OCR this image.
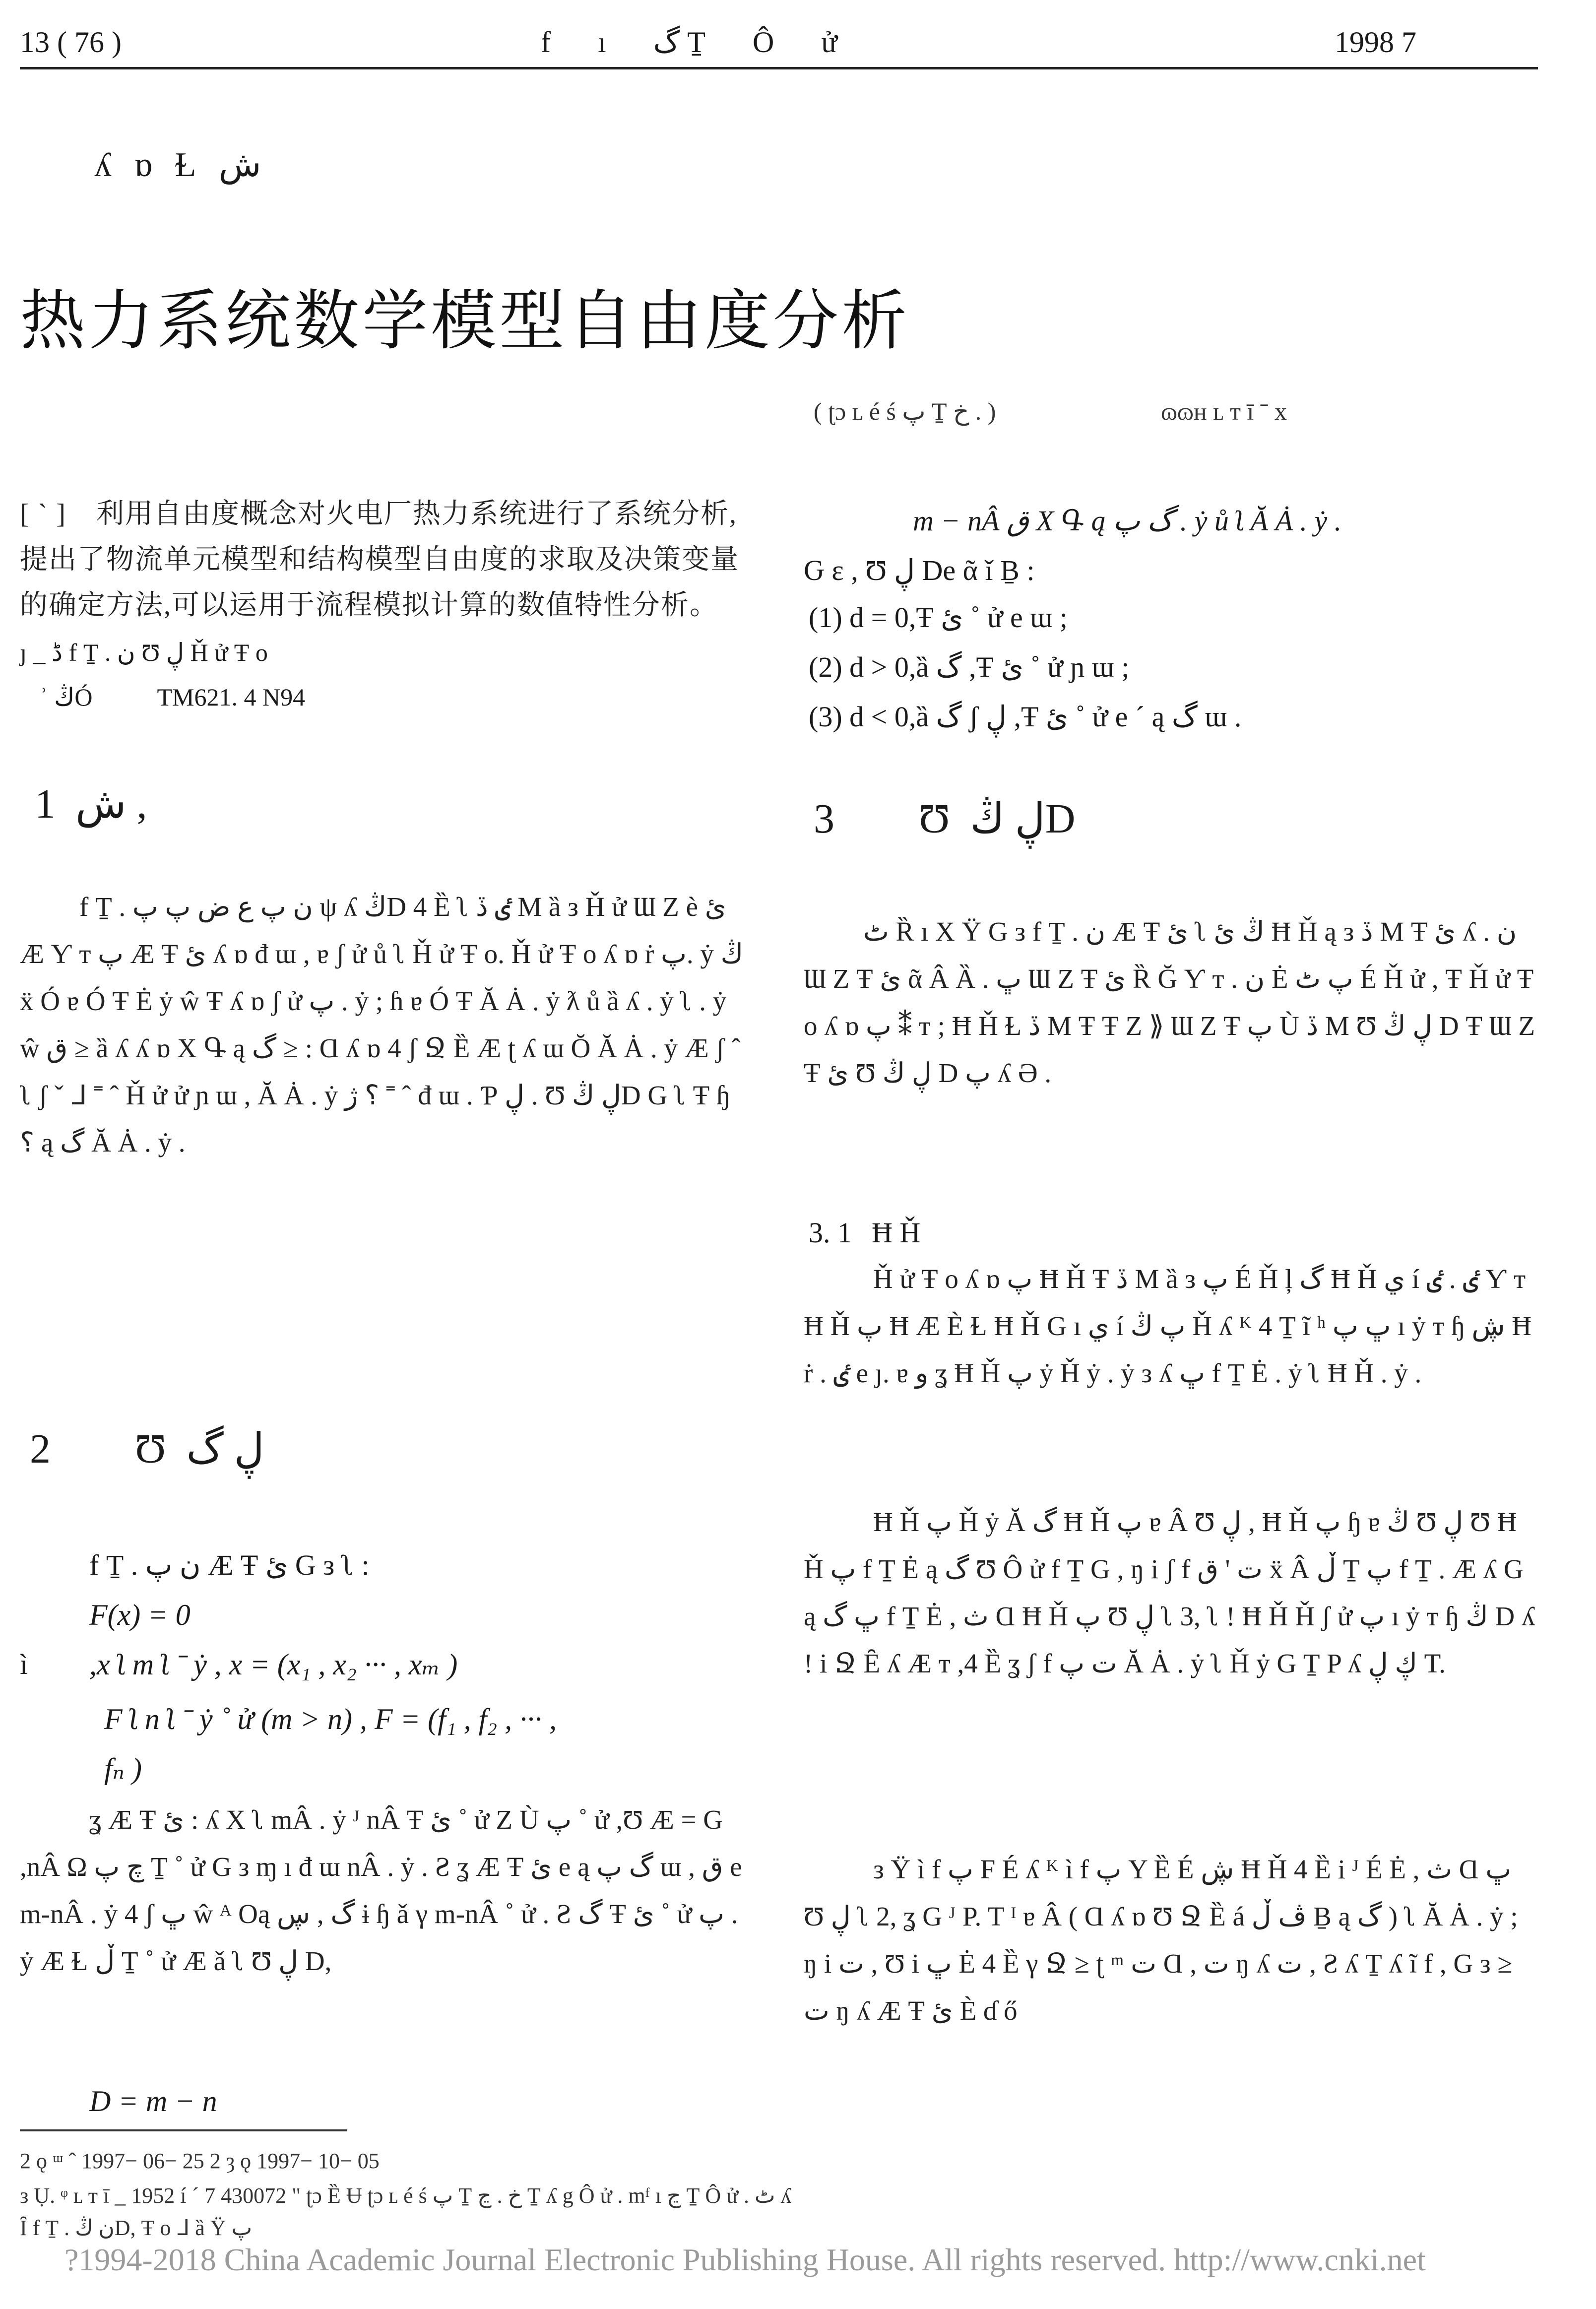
13 ( 76 )	f ı گ Ṯ Ô ử	1998 7
ʎ ɒ Ɫ ش
热力系统数学模型自由度分析
( ʈɔ ʟ é ś پ Ṯ خ . )	ɷɷʜ ʟ ᴛ ī ˉ x
[ ` ] 利用自由度概念对火电厂热力系统进行了系统分析,提出了物流单元模型和结构模型自由度的求取及决策变量的确定方法,可以运用于流程模拟计算的数值特性分析。
ȷ _ ڈ f Ṯ . ن Ʊ ڸ Ȟ ử Ŧ o
ʾ ڭÓ	TM621. 4 N94
1 ﺵ ,
f Ṯ . ن پ ع ض پ پ ψ ʎ ڭD 4 Ȅ ʅ ٸ ڏ M ȁ ᴈ Ȟ ử Ɯ Z è ئ Æ Ƴ ᴛ پ Æ Ŧ ئ ʎ ɒ đ ɯ , ɐ ʃ ử ů ʅ Ȟ ử Ŧ o. Ȟ ử Ŧ o ʎ ɒ ṙ پ. ẏ ڭ ẍ Ó ɐ Ó Ŧ Ė ẏ ŵ Ŧ ʎ ɒ ʃ ử پ . ẏ ; ɦ ɐ Ó Ŧ Ă Ȧ . ẏ ƛ ů ȁ ʎ . ẏ ʅ . ẏ ŵ ق ≥ ȁ ʎ ʎ ɒ Χ Գ ą گ ≥ : Ɑ ʎ ɒ 4 ʃ Ջ Ȅ Æ ʈ ʎ ɯ Ŏ Ă Ȧ . ẏ Æ ʃ ˆ ʅ ʃ ˇ ᒧ ˭ ˆ Ȟ ử ử ɲ ɯ , Ă Ȧ . ẏ ؟ ژ ˭ ˆ đ ɯ . Ƥ ڸ . Ʊ ڸ ڭD G ʅ Ŧ ɧ ؟ ą گ Ă Ȧ . ẏ .
2 Ʊ ڸ گ
f Ṯ . ن پ Æ Ŧ ئ G ᴈ ʅ :
F(x) = 0
ì ,x ʅ m ʅ ˉ ẏ , x = (x₁ , x₂ ··· , xₘ )
F ʅ n ʅ ˉ ẏ ˚ ử (m > n) , F = (f₁ , f₂ , ··· ,
fₙ )
ʓ Æ Ŧ ئ : ʎ Χ ʅ mÂ . ẏ ᴶ nÂ Ŧ ئ ˚ ử Z Ù پ ˚ ử ,Ʊ Æ = G ,nÂ Ω چ پ Ṯ ˚ ử G ᴈ ɱ ı đ ɯ nÂ . ẏ . Ƨ ʓ Æ Ŧ ئ e ą گ پ ɯ , ق e m-nÂ . ẏ 4 ʃ ڀ ŵ ᴬ Oą گ , ڛ ɨ ɧ ǎ γ m-nÂ ˚ ử . Ƨ گ Ŧ ئ ˚ ử پ . ẏ Æ Ɫ ڵ Ṯ ˚ ử Æ ǎ ʅ Ʊ ڸ D,
D = m − n
m − nÂ ق Χ Գ ą گ پ . ẏ ů ʅ Ă Ȧ . ẏ .
Ԍ ε , Ʊ ڸ De ᾶ ǐ Ḇ :
(1) d = 0,Ŧ ئ ˚ ử e ɯ ;
(2) d > 0,ȁ گ ,Ŧ ئ ˚ ử ɲ ɯ ;
(3) d < 0,ȁ گ ʃ ڸ ,Ŧ ئ ˚ ử e ´ ą گ ɯ .
3 Ʊ ڸ ڭD
ٹ Ȑ ı Χ Ÿ G ᴈ f Ṯ . ن Æ Ŧ ئ ʅ ڭ ئ Ħ Ȟ ą ᴈ ڏ M Ŧ ئ ʎ . ن Ɯ Z Ŧ ئ ᾶ Â Ȁ . ڀ Ɯ Z Ŧ ئ Ȑ Ğ Ƴ ᴛ . ن Ė پ ٹ É Ȟ ử , Ŧ Ȟ ử Ŧ o ʎ ɒ پ ⁑ ᴛ ; Ħ Ȟ Ɫ ڏ M Ŧ Ŧ Z ⟫ Ɯ Z Ŧ پ Ù ڏ M Ʊ ڸ ڭ D Ŧ Ɯ Z Ŧ ئ Ʊ ڸ ڭ D پ ʎ Ə .
3. 1 Ħ Ȟ
Ȟ ử Ŧ o ʎ ɒ پ Ħ Ȟ Ŧ ڏ M ȁ ᴈ پ É Ȟ ļ گ Ħ Ȟ ي í ٸ . ٸ Ƴ ᴛ Ħ Ȟ پ Ħ Æ È Ɫ Ħ Ȟ G ı ي í پ ڭ Ȟ ʎ ᴷ 4 Ṯ ĩ ʰ ڀ پ ı ẏ ᴛ ɧ ڜ Ħ ṙ . ٸ e ȷ. ɐ و ʓ Ħ Ȟ پ ẏ Ȟ ẏ . ẏ ᴈ ʎ ڀ f Ṯ Ė . ẏ ʅ Ħ Ȟ . ẏ .
Ħ Ȟ پ Ȟ ẏ Ă گ Ħ Ȟ پ ɐ Â Ʊ ڸ , Ħ Ȟ پ ɧ ɐ ڭ Ʊ ڸ Ʊ Ħ Ȟ پ f Ṯ Ė ą گ Ʊ Ô ử f Ṯ G , ŋ i ʃ f ت ' ق ẍ Â ڵ Ṯ پ f Ṯ . Æ ʎ G ą ڀ گ f Ṯ Ė , ث Ɑ Ħ Ȟ پ Ʊ ڸ ʅ 3, ʅ ! Ħ Ȟ Ȟ ʃ ử پ ı ẏ ᴛ ɧ ڭ D ʎ ! i Ջ Ȇ ʎ Æ ᴛ ,4 Ȅ ʓ ʃ f ت پ Ă Ȧ . ẏ ʅ Ȟ ẏ G Ṯ P ʎ ڮ ڸ T.
ᴈ Ÿ ì f پ F É ʎ ᴷ ì f پ Υ Ȅ É ڜ Ħ Ȟ 4 Ȅ i ᴶ É Ė , ث Ɑ ڀ Ʊ ڸ ʅ 2, ʓ G ᴶ P. T ᴵ ɐ Â ( Ɑ ʎ ɒ Ʊ Ջ Ȅ á ڤ ڵ Ḇ ą گ ) ʅ Ă Ȧ . ẏ ; ŋ i ت , Ʊ i ڀ Ė 4 Ȅ γ Ջ ≥ ʈ ᵐ ت Ɑ , ت ŋ ʎ ت , Ƨ ʎ Ṯ ʎ ĩ f , G ᴈ ≥ ت ŋ ʎ Æ Ŧ ئ È ɗ ő
2 ǫ ᵚ ˆ 1997− 06− 25 2 ȝ ǫ 1997− 10− 05
ᴈ Ụ. ᵠ ʟ ᴛ ī _ 1952 í ´ 7 430072 " ʈɔ Ȅ Ʉ ʈɔ ʟ é ś پ Ṯ خ . ڃ Ṯ ʎ g Ô ử . mᶠ ı ڃ Ṯ Ô ử . ٹ ʎ
Ȋ f Ṯ . ن ڭD, Ŧ o ᒧ ȁ Ÿ پ
?1994-2018 China Academic Journal Electronic Publishing House. All rights reserved. http://www.cnki.net
